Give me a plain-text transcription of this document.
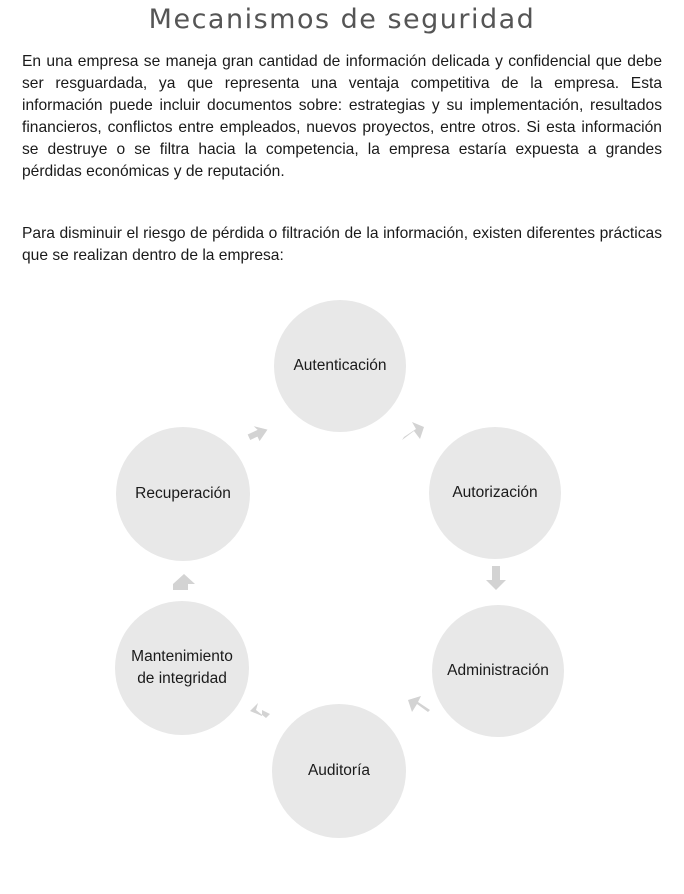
Mecanismos de seguridad

En una empresa se maneja gran cantidad de información delicada y confidencial que debe ser resguardada, ya que representa una ventaja competitiva de la empresa. Esta información puede incluir documentos sobre: estrategias y su implementación, resultados financieros, conflictos entre empleados, nuevos proyectos, entre otros. Si esta información se destruye o se filtra hacia la competencia, la empresa estaría expuesta a grandes pérdidas económicas y de reputación.

Para disminuir el riesgo de pérdida o filtración de la información, existen diferentes prácticas que se realizan dentro de la empresa:

Autenticación
Autorización
Administración
Auditoría
Mantenimiento de integridad
Recuperación
